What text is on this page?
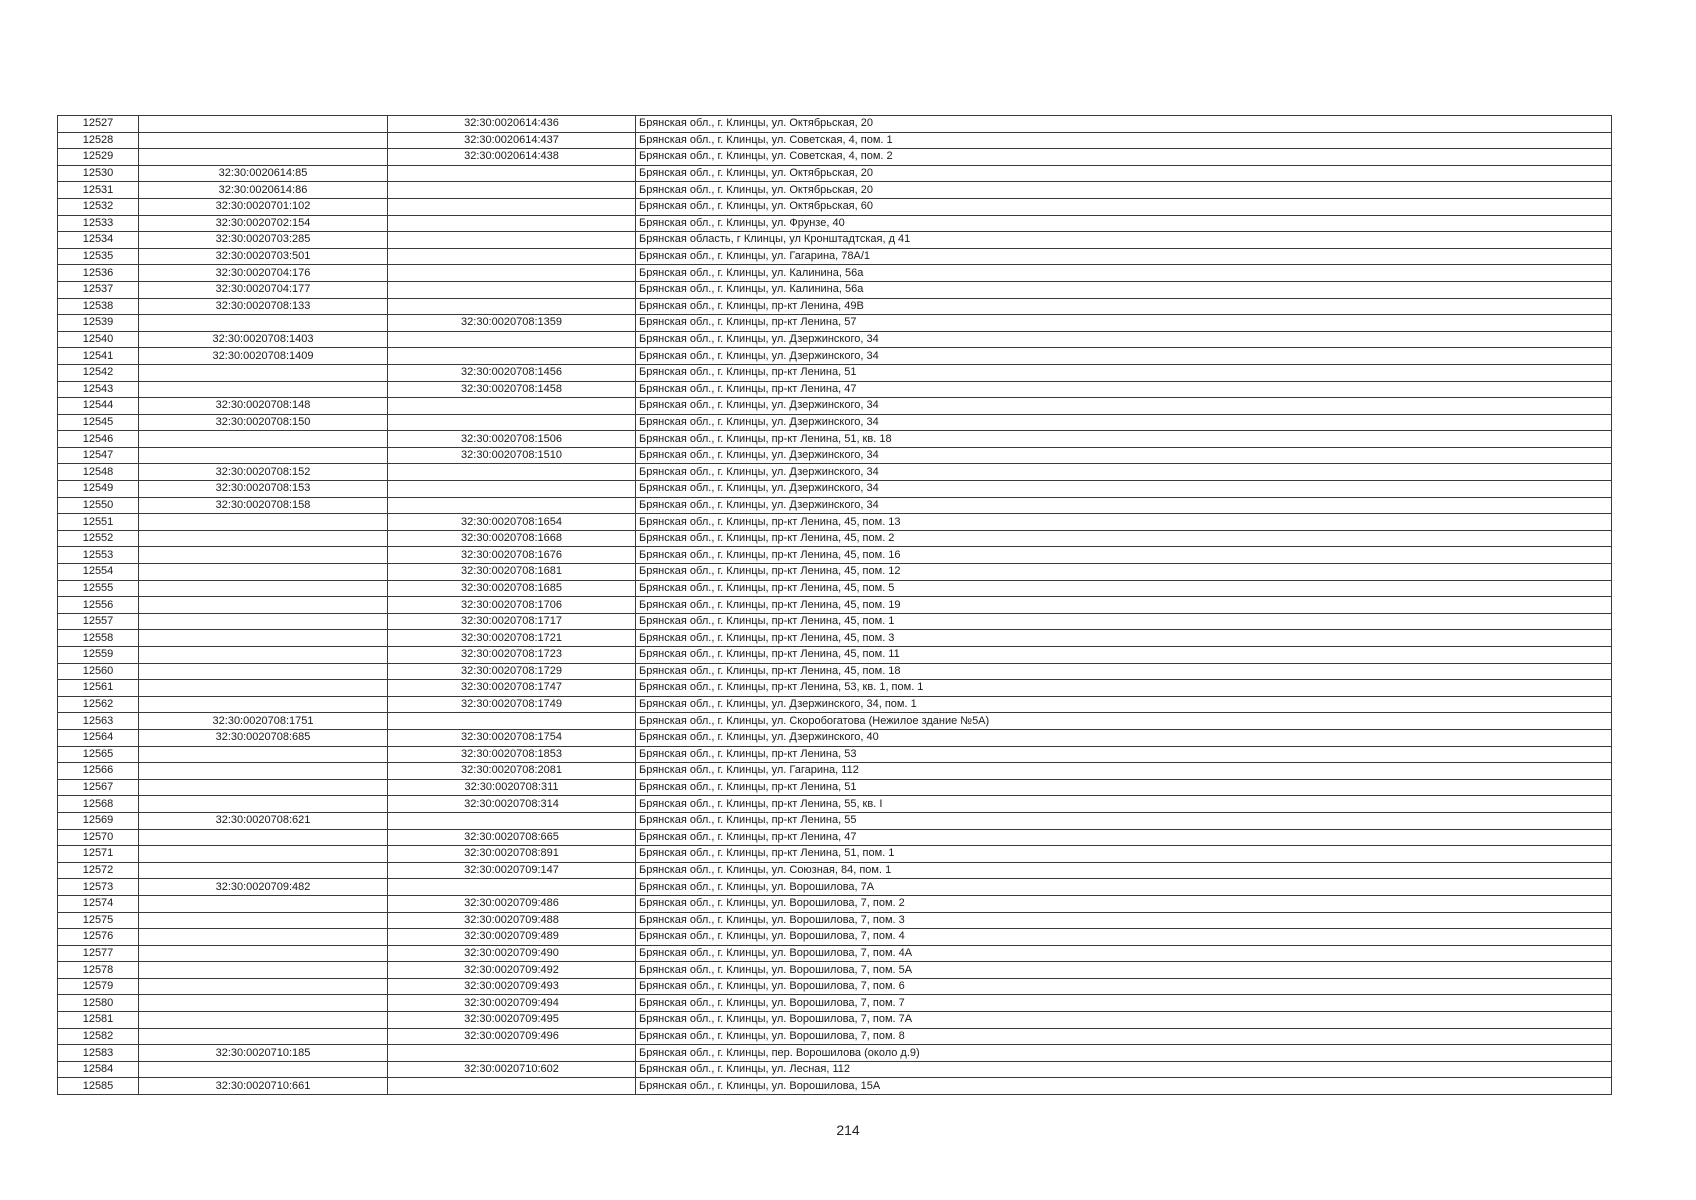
12527		32:30:0020614:436	Брянская обл., г. Клинцы, ул. Октябрьская, 20
12528		32:30:0020614:437	Брянская обл., г. Клинцы, ул. Советская, 4, пом. 1
12529		32:30:0020614:438	Брянская обл., г. Клинцы, ул. Советская, 4, пом. 2
12530	32:30:0020614:85		Брянская обл., г. Клинцы, ул. Октябрьская, 20
12531	32:30:0020614:86		Брянская обл., г. Клинцы, ул. Октябрьская, 20
12532	32:30:0020701:102		Брянская обл., г. Клинцы, ул. Октябрьская, 60
12533	32:30:0020702:154		Брянская обл., г. Клинцы, ул. Фрунзе, 40
12534	32:30:0020703:285		Брянская область, г Клинцы, ул Кронштадтская, д 41
12535	32:30:0020703:501		Брянская обл., г. Клинцы, ул. Гагарина, 78А/1
12536	32:30:0020704:176		Брянская обл., г. Клинцы, ул. Калинина, 56а
12537	32:30:0020704:177		Брянская обл., г. Клинцы, ул. Калинина, 56а
12538	32:30:0020708:133		Брянская обл., г. Клинцы, пр-кт Ленина, 49В
12539		32:30:0020708:1359	Брянская обл., г. Клинцы, пр-кт Ленина, 57
12540	32:30:0020708:1403		Брянская обл., г. Клинцы, ул. Дзержинского, 34
12541	32:30:0020708:1409		Брянская обл., г. Клинцы, ул. Дзержинского, 34
12542		32:30:0020708:1456	Брянская обл., г. Клинцы, пр-кт Ленина, 51
12543		32:30:0020708:1458	Брянская обл., г. Клинцы, пр-кт Ленина, 47
12544	32:30:0020708:148		Брянская обл., г. Клинцы, ул. Дзержинского, 34
12545	32:30:0020708:150		Брянская обл., г. Клинцы, ул. Дзержинского, 34
12546		32:30:0020708:1506	Брянская обл., г. Клинцы, пр-кт Ленина, 51, кв. 18
12547		32:30:0020708:1510	Брянская обл., г. Клинцы, ул. Дзержинского, 34
12548	32:30:0020708:152		Брянская обл., г. Клинцы, ул. Дзержинского, 34
12549	32:30:0020708:153		Брянская обл., г. Клинцы, ул. Дзержинского, 34
12550	32:30:0020708:158		Брянская обл., г. Клинцы, ул. Дзержинского, 34
12551		32:30:0020708:1654	Брянская обл., г. Клинцы, пр-кт Ленина, 45, пом. 13
12552		32:30:0020708:1668	Брянская обл., г. Клинцы, пр-кт Ленина, 45, пом. 2
12553		32:30:0020708:1676	Брянская обл., г. Клинцы, пр-кт Ленина, 45, пом. 16
12554		32:30:0020708:1681	Брянская обл., г. Клинцы, пр-кт Ленина, 45, пом. 12
12555		32:30:0020708:1685	Брянская обл., г. Клинцы, пр-кт Ленина, 45, пом. 5
12556		32:30:0020708:1706	Брянская обл., г. Клинцы, пр-кт Ленина, 45, пом. 19
12557		32:30:0020708:1717	Брянская обл., г. Клинцы, пр-кт Ленина, 45, пом. 1
12558		32:30:0020708:1721	Брянская обл., г. Клинцы, пр-кт Ленина, 45, пом. 3
12559		32:30:0020708:1723	Брянская обл., г. Клинцы, пр-кт Ленина, 45, пом. 11
12560		32:30:0020708:1729	Брянская обл., г. Клинцы, пр-кт Ленина, 45, пом. 18
12561		32:30:0020708:1747	Брянская обл., г. Клинцы, пр-кт Ленина, 53, кв. 1, пом. 1
12562		32:30:0020708:1749	Брянская обл., г. Клинцы, ул. Дзержинского, 34, пом. 1
12563	32:30:0020708:1751		Брянская обл., г. Клинцы, ул. Скоробогатова (Нежилое здание №5А)
12564	32:30:0020708:685	32:30:0020708:1754	Брянская обл., г. Клинцы, ул. Дзержинского, 40
12565		32:30:0020708:1853	Брянская обл., г. Клинцы, пр-кт Ленина, 53
12566		32:30:0020708:2081	Брянская обл., г. Клинцы, ул. Гагарина, 112
12567		32:30:0020708:311	Брянская обл., г. Клинцы, пр-кт Ленина, 51
12568		32:30:0020708:314	Брянская обл., г. Клинцы, пр-кт Ленина, 55, кв. I
12569	32:30:0020708:621		Брянская обл., г. Клинцы, пр-кт Ленина, 55
12570		32:30:0020708:665	Брянская обл., г. Клинцы, пр-кт Ленина, 47
12571		32:30:0020708:891	Брянская обл., г. Клинцы, пр-кт Ленина, 51, пом. 1
12572		32:30:0020709:147	Брянская обл., г. Клинцы, ул. Союзная, 84, пом. 1
12573	32:30:0020709:482		Брянская обл., г. Клинцы, ул. Ворошилова, 7А
12574		32:30:0020709:486	Брянская обл., г. Клинцы, ул. Ворошилова, 7, пом. 2
12575		32:30:0020709:488	Брянская обл., г. Клинцы, ул. Ворошилова, 7, пом. 3
12576		32:30:0020709:489	Брянская обл., г. Клинцы, ул. Ворошилова, 7, пом. 4
12577		32:30:0020709:490	Брянская обл., г. Клинцы, ул. Ворошилова, 7, пом. 4А
12578		32:30:0020709:492	Брянская обл., г. Клинцы, ул. Ворошилова, 7, пом. 5А
12579		32:30:0020709:493	Брянская обл., г. Клинцы, ул. Ворошилова, 7, пом. 6
12580		32:30:0020709:494	Брянская обл., г. Клинцы, ул. Ворошилова, 7, пом. 7
12581		32:30:0020709:495	Брянская обл., г. Клинцы, ул. Ворошилова, 7, пом. 7А
12582		32:30:0020709:496	Брянская обл., г. Клинцы, ул. Ворошилова, 7, пом. 8
12583	32:30:0020710:185		Брянская обл., г. Клинцы, пер. Ворошилова (около д.9)
12584		32:30:0020710:602	Брянская обл., г. Клинцы, ул. Лесная, 112
12585	32:30:0020710:661		Брянская обл., г. Клинцы, ул. Ворошилова, 15А
214
